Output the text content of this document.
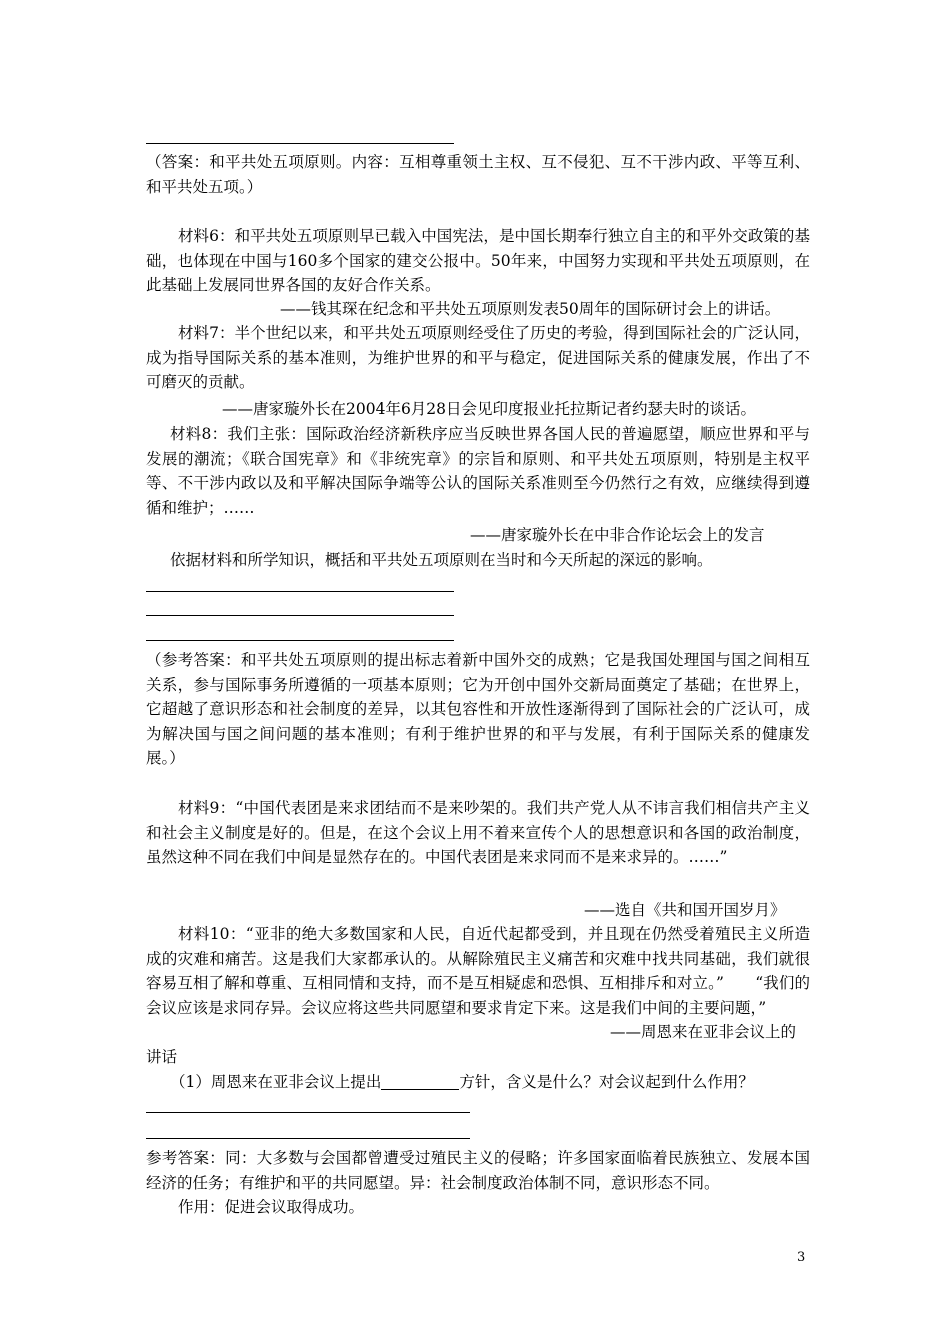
（答案：和平共处五项原则。内容：互相尊重领土主权、互不侵犯、互不干涉内政、平等互利、和平共处五项。）
材料6：和平共处五项原则早已载入中国宪法，是中国长期奉行独立自主的和平外交政策的基础，也体现在中国与160多个国家的建交公报中。50年来，中国努力实现和平共处五项原则，在此基础上发展同世界各国的友好合作关系。
——钱其琛在纪念和平共处五项原则发表50周年的国际研讨会上的讲话。
材料7：半个世纪以来，和平共处五项原则经受住了历史的考验，得到国际社会的广泛认同，成为指导国际关系的基本准则，为维护世界的和平与稳定，促进国际关系的健康发展，作出了不可磨灭的贡献。
——唐家璇外长在2004年6月28日会见印度报业托拉斯记者约瑟夫时的谈话。
材料8：我们主张：国际政治经济新秩序应当反映世界各国人民的普遍愿望，顺应世界和平与发展的潮流；《联合国宪章》和《非统宪章》的宗旨和原则、和平共处五项原则，特别是主权平等、不干涉内政以及和平解决国际争端等公认的国际关系准则至今仍然行之有效，应继续得到遵循和维护；……
——唐家璇外长在中非合作论坛会上的发言
依据材料和所学知识，概括和平共处五项原则在当时和今天所起的深远的影响。
（参考答案：和平共处五项原则的提出标志着新中国外交的成熟；它是我国处理国与国之间相互关系，参与国际事务所遵循的一项基本原则；它为开创中国外交新局面奠定了基础；在世界上，它超越了意识形态和社会制度的差异，以其包容性和开放性逐渐得到了国际社会的广泛认可，成为解决国与国之间问题的基本准则；有利于维护世界的和平与发展，有利于国际关系的健康发展。）
材料9：“中国代表团是来求团结而不是来吵架的。我们共产党人从不讳言我们相信共产主义和社会主义制度是好的。但是，在这个会议上用不着来宣传个人的思想意识和各国的政治制度，虽然这种不同在我们中间是显然存在的。中国代表团是来求同而不是来求异的。……”
——选自《共和国开国岁月》
材料10：“亚非的绝大多数国家和人民，自近代起都受到，并且现在仍然受着殖民主义所造成的灾难和痛苦。这是我们大家都承认的。从解除殖民主义痛苦和灾难中找共同基础，我们就很容易互相了解和尊重、互相同情和支持，而不是互相疑虑和恐惧、互相排斥和对立。”　　“我们的会议应该是求同存异。会议应将这些共同愿望和要求肯定下来。这是我们中间的主要问题，”
——周恩来在亚非会议上的
讲话
（1）周恩来在亚非会议上提出	方针，含义是什么？对会议起到什么作用？
参考答案：同：大多数与会国都曾遭受过殖民主义的侵略；许多国家面临着民族独立、发展本国经济的任务；有维护和平的共同愿望。异：社会制度政治体制不同，意识形态不同。
作用：促进会议取得成功。
3
